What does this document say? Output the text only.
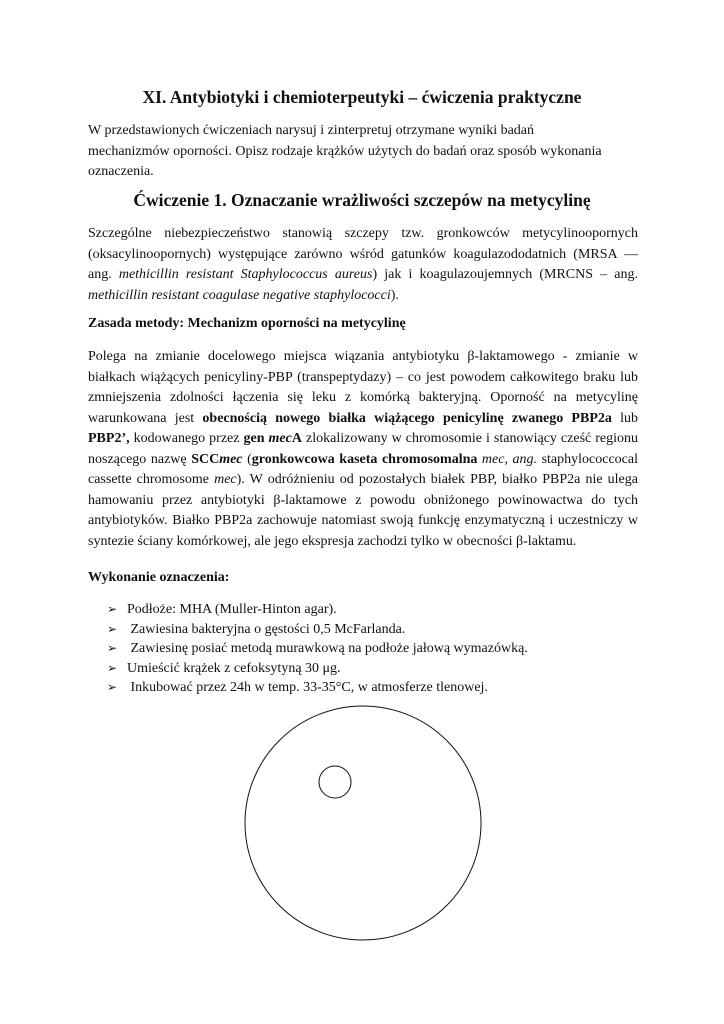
XI. Antybiotyki i chemioterpeutyki – ćwiczenia praktyczne

W przedstawionych ćwiczeniach narysuj i zinterpretuj otrzymane wyniki badań
mechanizmów oporności. Opisz rodzaje krążków użytych do badań oraz sposób wykonania
oznaczenia.

Ćwiczenie 1. Oznaczanie wrażliwości szczepów na metycylinę

Szczególne niebezpieczeństwo stanowią szczepy tzw. gronkowców metycylinoopornych (oksacylinoopornych) występujące zarówno wśród gatunków koagulazododatnich (MRSA — ang. methicillin resistant Staphylococcus aureus) jak i koagulazoujemnych (MRCNS – ang. methicillin resistant coagulase negative staphylococci).

Zasada metody: Mechanizm oporności na metycylinę

Polega na zmianie docelowego miejsca wiązania antybiotyku β-laktamowego - zmianie w białkach wiążących penicyliny-PBP (transpeptydazy) – co jest powodem całkowitego braku lub zmniejszenia zdolności łączenia się leku z komórką bakteryjną. Oporność na metycylinę warunkowana jest obecnością nowego białka wiążącego penicylinę zwanego PBP2a lub PBP2’, kodowanego przez gen mecA zlokalizowany w chromosomie i stanowiący cześć regionu noszącego nazwę SCCmec (gronkowcowa kaseta chromosomalna mec, ang. staphylococcocal cassette chromosome mec). W odróżnieniu od pozostałych białek PBP, białko PBP2a nie ulega hamowaniu przez antybiotyki β-laktamowe z powodu obniżonego powinowactwa do tych antybiotyków. Białko PBP2a zachowuje natomiast swoją funkcję enzymatyczną i uczestniczy w syntezie ściany komórkowej, ale jego ekspresja zachodzi tylko w obecności β-laktamu.

Wykonanie oznaczenia:

➢ Podłoże: MHA (Muller-Hinton agar).
➢ Zawiesina bakteryjna o gęstości 0,5 McFarlanda.
➢ Zawiesinę posiać metodą murawkową na podłoże jałową wymazówką.
➢ Umieścić krążek z cefoksytyną 30 μg.
➢ Inkubować przez 24h w temp. 33-35°C, w atmosferze tlenowej.
